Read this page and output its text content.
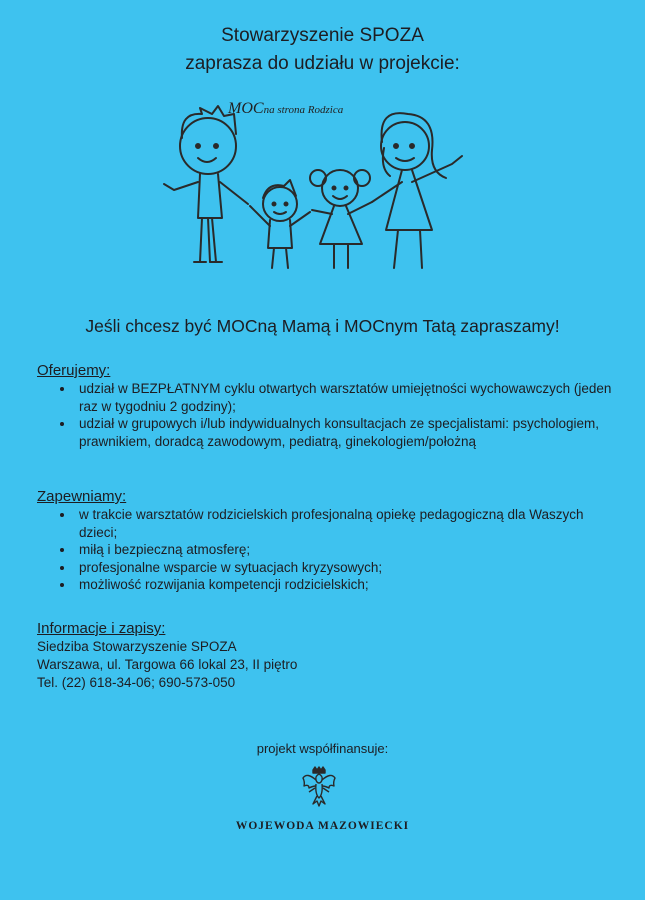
Stowarzyszenie SPOZA
zaprasza do udziału w projekcie:
MOCna strona Rodzica
Jeśli chcesz być MOCną Mamą i MOCnym Tatą zapraszamy!
Oferujemy:
• udział w BEZPŁATNYM cyklu otwartych warsztatów umiejętności wychowawczych (jeden raz w tygodniu 2 godziny);
• udział w grupowych i/lub indywidualnych konsultacjach ze specjalistami: psychologiem, prawnikiem, doradcą zawodowym, pediatrą, ginekologiem/położną
Zapewniamy:
• w trakcie warsztatów rodzicielskich profesjonalną opiekę pedagogiczną dla Waszych dzieci;
• miłą i bezpieczną atmosferę;
• profesjonalne wsparcie w sytuacjach kryzysowych;
• możliwość rozwijania kompetencji rodzicielskich;
Informacje i zapisy:
Siedziba Stowarzyszenie SPOZA
Warszawa, ul. Targowa 66 lokal 23, II piętro
Tel. (22) 618-34-06; 690-573-050
projekt współfinansuje:
WOJEWODA MAZOWIECKI
